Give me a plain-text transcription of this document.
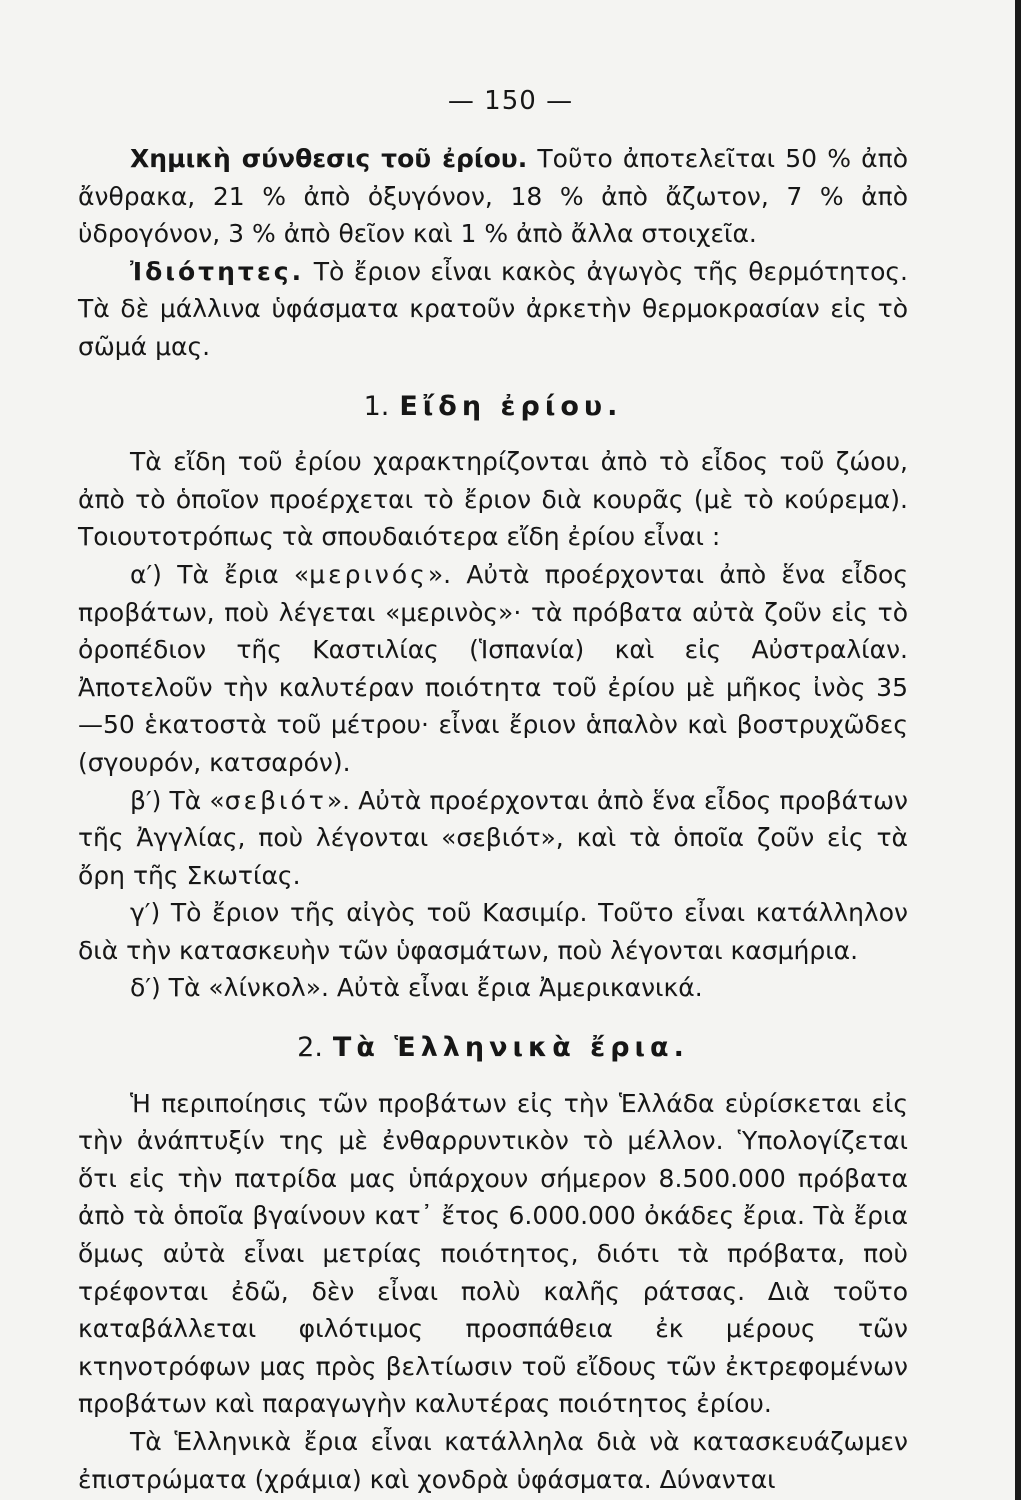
— 150 —

Χημικὴ σύνθεσις τοῦ ἐρίου. Τοῦτο ἀποτελεῖται 50 % ἀπὸ ἄνθρακα, 21 % ἀπὸ ὀξυγόνον, 18 % ἀπὸ ἄζωτον, 7 % ἀπὸ ὑδρογόνον, 3 % ἀπὸ θεῖον καὶ 1 % ἀπὸ ἄλλα στοιχεῖα.

Ἰδιότητες. Τὸ ἔριον εἶναι κακὸς ἀγωγὸς τῆς θερμότητος. Τὰ δὲ μάλλινα ὑφάσματα κρατοῦν ἀρκετὴν θερμοκρασίαν εἰς τὸ σῶμά μας.

1. Εἴδη ἐρίου.

Τὰ εἴδη τοῦ ἐρίου χαρακτηρίζονται ἀπὸ τὸ εἶδος τοῦ ζώου, ἀπὸ τὸ ὁποῖον προέρχεται τὸ ἔριον διὰ κουρᾶς (μὲ τὸ κούρεμα). Τοιουτοτρόπως τὰ σπουδαιότερα εἴδη ἐρίου εἶναι :

α′) Τὰ ἔρια «μερινός». Αὐτὰ προέρχονται ἀπὸ ἕνα εἶδος προβάτων, ποὺ λέγεται «μερινὸς»· τὰ πρόβατα αὐτὰ ζοῦν εἰς τὸ ὀροπέδιον τῆς Καστιλίας (Ἱσπανία) καὶ εἰς Αὐστραλίαν. Ἀποτελοῦν τὴν καλυτέραν ποιότητα τοῦ ἐρίου μὲ μῆκος ἰνὸς 35—50 ἑκατοστὰ τοῦ μέτρου· εἶναι ἔριον ἁπαλὸν καὶ βοστρυχῶδες (σγουρόν, κατσαρόν).

β′) Τὰ «σεβιότ». Αὐτὰ προέρχονται ἀπὸ ἕνα εἶδος προβάτων τῆς Ἀγγλίας, ποὺ λέγονται «σεβιότ», καὶ τὰ ὁποῖα ζοῦν εἰς τὰ ὄρη τῆς Σκωτίας.

γ′) Τὸ ἔριον τῆς αἰγὸς τοῦ Κασιμίρ. Τοῦτο εἶναι κατάλληλον διὰ τὴν κατασκευὴν τῶν ὑφασμάτων, ποὺ λέγονται κασμήρια.

δ′) Τὰ «λίνκολ». Αὐτὰ εἶναι ἔρια Ἀμερικανικά.

2. Τὰ Ἑλληνικὰ ἔρια.

Ἡ περιποίησις τῶν προβάτων εἰς τὴν Ἑλλάδα εὑρίσκεται εἰς τὴν ἀνάπτυξίν της μὲ ἐνθαρρυντικὸν τὸ μέλλον. Ὑπολογίζεται ὅτι εἰς τὴν πατρίδα μας ὑπάρχουν σήμερον 8.500.000 πρόβατα ἀπὸ τὰ ὁποῖα βγαίνουν κατ᾽ ἔτος 6.000.000 ὀκάδες ἔρια. Τὰ ἔρια ὅμως αὐτὰ εἶναι μετρίας ποιότητος, διότι τὰ πρόβατα, ποὺ τρέφονται ἐδῶ, δὲν εἶναι πολὺ καλῆς ράτσας. Διὰ τοῦτο καταβάλλεται φιλότιμος προσπάθεια ἐκ μέρους τῶν κτηνοτρόφων μας πρὸς βελτίωσιν τοῦ εἴδους τῶν ἐκτρεφομένων προβάτων καὶ παραγωγὴν καλυτέρας ποιότητος ἐρίου.

Τὰ Ἑλληνικὰ ἔρια εἶναι κατάλληλα διὰ νὰ κατασκευάζωμεν ἐπιστρώματα (χράμια) καὶ χονδρὰ ὑφάσματα. Δύνανται
